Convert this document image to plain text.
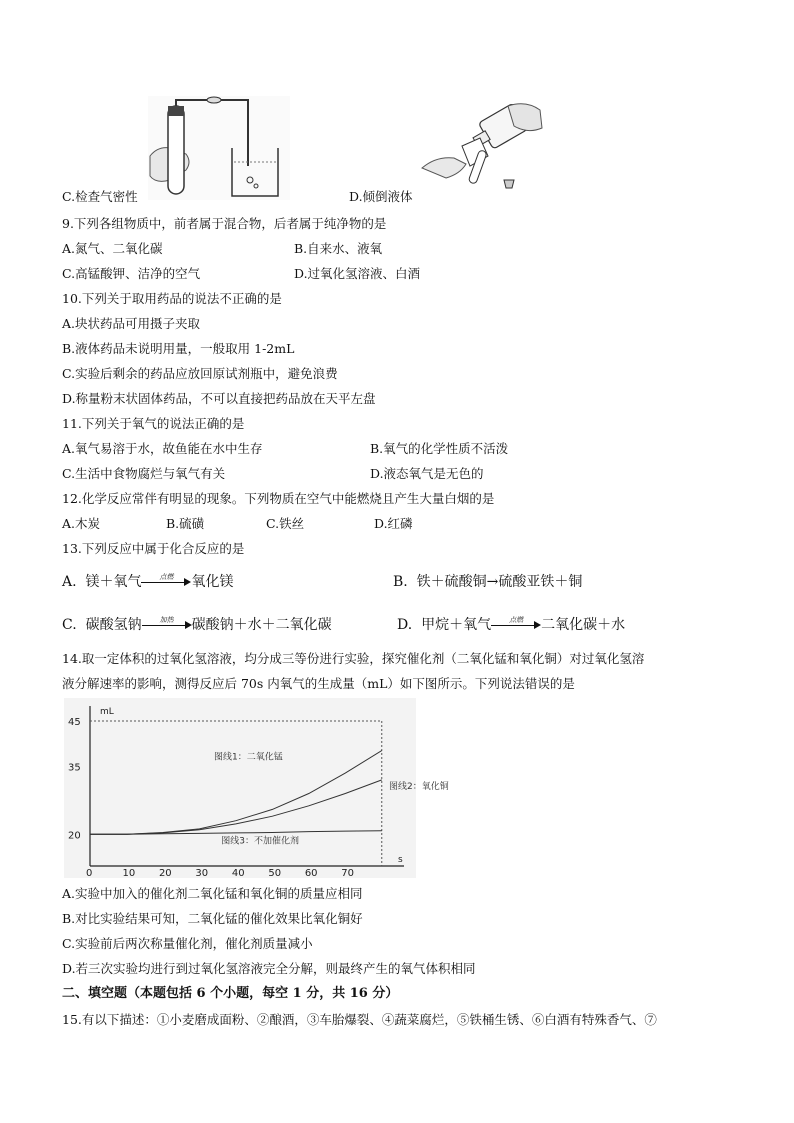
C.检查气密性	D.倾倒液体
9.下列各组物质中，前者属于混合物，后者属于纯净物的是
A.氮气、二氧化碳	B.自来水、液氧
C.高锰酸钾、洁净的空气	D.过氧化氢溶液、白酒
10.下列关于取用药品的说法不正确的是
A.块状药品可用摄子夹取
B.液体药品未说明用量，一般取用 1-2mL
C.实验后剩余的药品应放回原试剂瓶中，避免浪费
D.称量粉末状固体药品，不可以直接把药品放在天平左盘
11.下列关于氧气的说法正确的是
A.氧气易溶于水，故鱼能在水中生存	B.氧气的化学性质不活泼
C.生活中食物腐烂与氧气有关	D.液态氧气是无色的
12.化学反应常伴有明显的现象。下列物质在空气中能燃烧且产生大量白烟的是
A.木炭	B.硫磺	C.铁丝	D.红磷
13.下列反应中属于化合反应的是
A. 镁＋氧气	点燃	氧化镁	B. 铁＋硫酸铜→硫酸亚铁＋铜
C. 碳酸氢钠	加热	碳酸钠＋水＋二氧化碳	D. 甲烷＋氧气	点燃	二氧化碳＋水
14.取一定体积的过氧化氢溶液，均分成三等份进行实验，探究催化剂（二氧化锰和氧化铜）对过氧化氢溶
液分解速率的影响，测得反应后 70s 内氧气的生成量（mL）如下图所示。下列说法错误的是
mL
s
20
35
45
0	10 20 30 40 50 60 70
图线1：二氧化锰
图线2：氧化铜
图线3：不加催化剂
A.实验中加入的催化剂二氧化锰和氧化铜的质量应相同
B.对比实验结果可知，二氧化锰的催化效果比氧化铜好
C.实验前后两次称量催化剂，催化剂质量减小
D.若三次实验均进行到过氧化氢溶液完全分解，则最终产生的氧气体积相同
二、填空题（本题包括 6 个小题，每空 1 分，共 16 分）
15.有以下描述：①小麦磨成面粉、②酿酒，③车胎爆裂、④蔬菜腐烂，⑤铁桶生锈、⑥白酒有特殊香气、⑦
